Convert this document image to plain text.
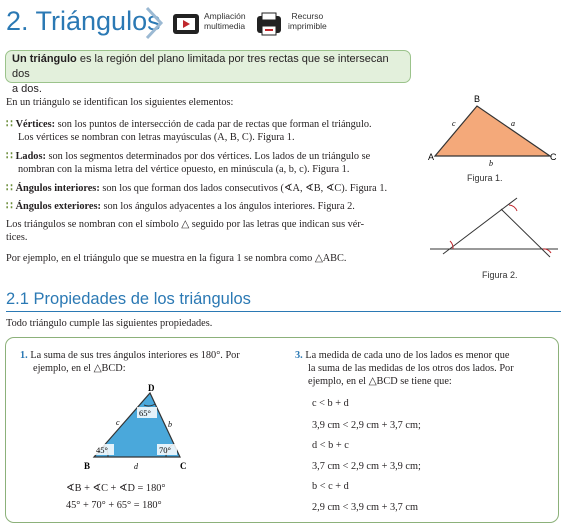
2. Triángulos	Ampliación
multimedia
Recurso
imprimible
Un triángulo es la región del plano limitada por tres rectas que se intersecan dos
a dos.
En un triángulo se identifican los siguientes elementos:
∷ Vértices: son los puntos de intersección de cada par de rectas que forman el triángulo.
Los vértices se nombran con letras mayúsculas (A, B, C). Figura 1.
∷ Lados: son los segmentos determinados por dos vértices. Los lados de un triángulo se
nombran con la misma letra del vértice opuesto, en minúscula (a, b, c). Figura 1.
∷ Ángulos interiores: son los que forman dos lados consecutivos (∢A, ∢B, ∢C). Figura 1.
∷ Ángulos exteriores: son los ángulos adyacentes a los ángulos interiores. Figura 2.
Los triángulos se nombran con el símbolo △ seguido por las letras que indican sus vér-
tices.
Por ejemplo, en el triángulo que se muestra en la figura 1 se nombra como △ABC.
A
B
C
a
b
c
Figura 1.
Figura 2.
2.1 Propiedades de los triángulos
Todo triángulo cumple las siguientes propiedades.
1. La suma de sus tres ángulos interiores es 180°. Por
ejemplo, en el △BCD:
D
B	C
c	b
d
65°
45°	70°
∢B + ∢C + ∢D = 180°
45° + 70° + 65° = 180°
3. La medida de cada uno de los lados es menor que
la suma de las medidas de los otros dos lados. Por
ejemplo, en el △BCD se tiene que:
c < b + d
3,9 cm < 2,9 cm + 3,7 cm;
d < b + c
3,7 cm < 2,9 cm + 3,9 cm;
b < c + d
2,9 cm < 3,9 cm + 3,7 cm
